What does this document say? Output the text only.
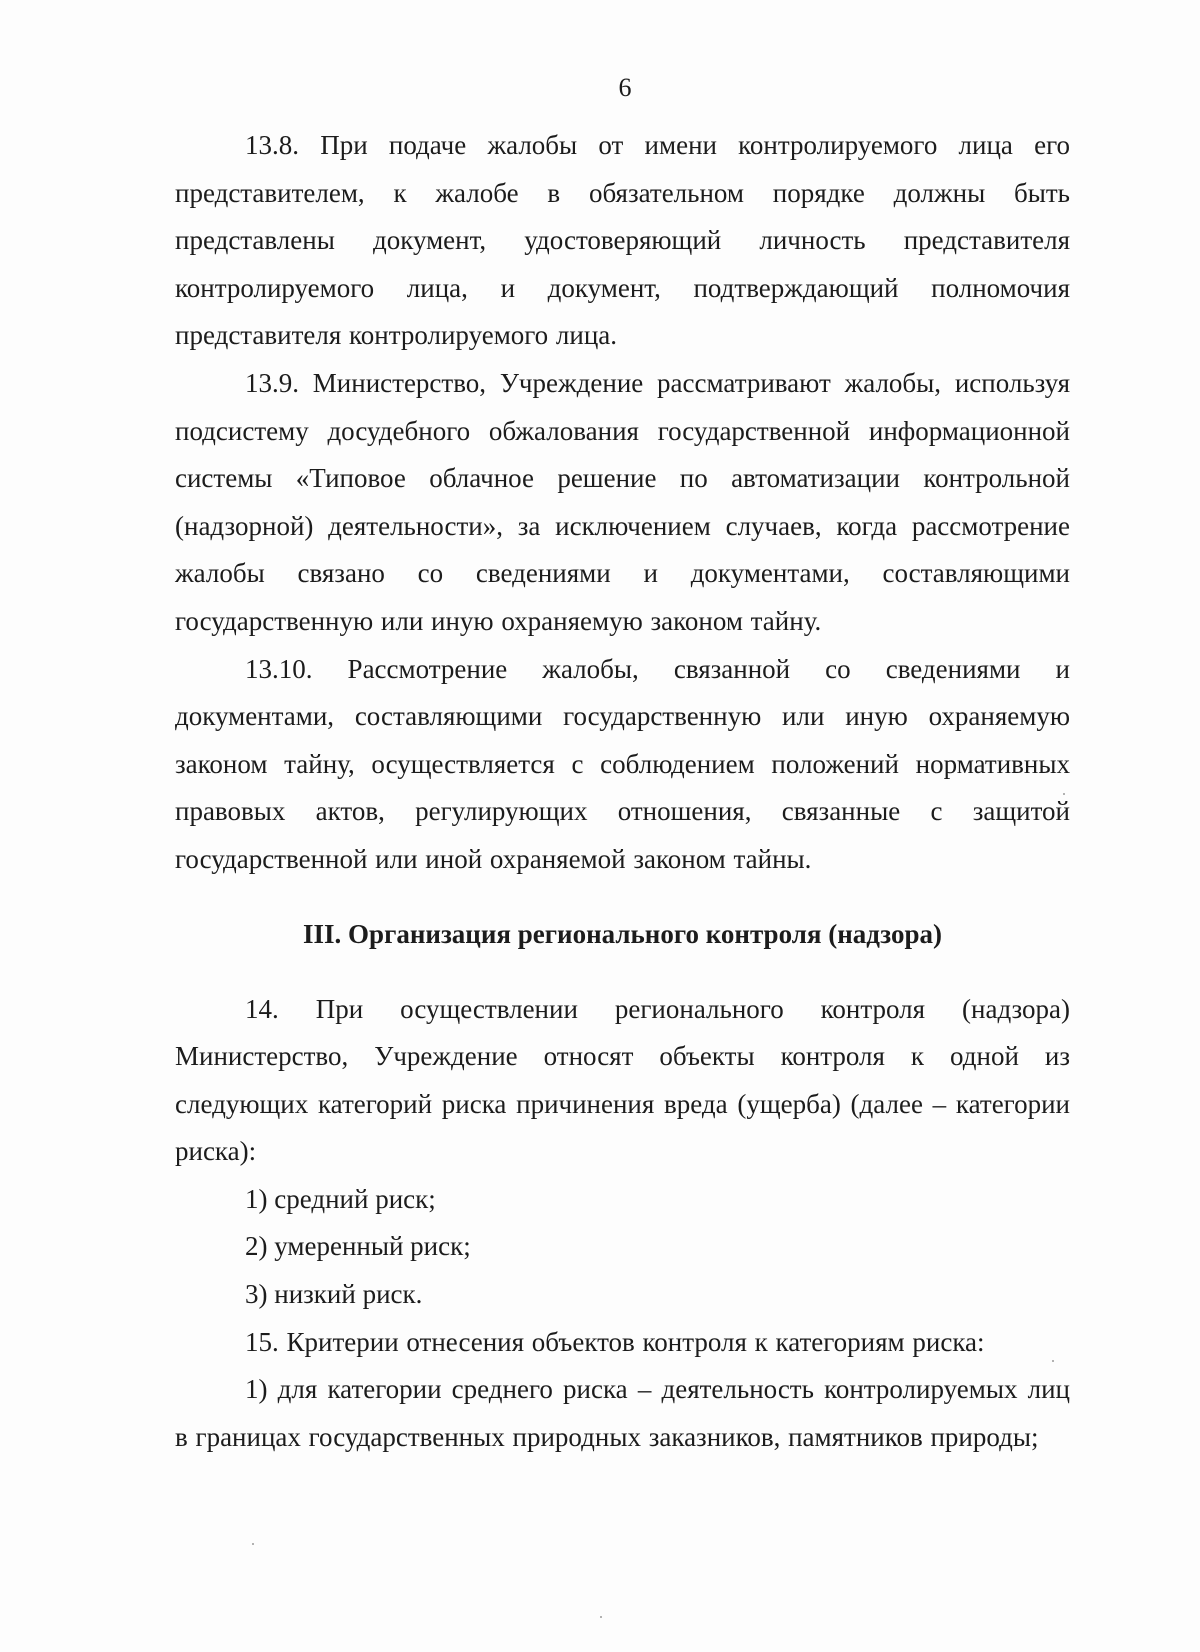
6

13.8. При подаче жалобы от имени контролируемого лица его представителем, к жалобе в обязательном порядке должны быть представлены документ, удостоверяющий личность представителя контролируемого лица, и документ, подтверждающий полномочия представителя контролируемого лица.

13.9. Министерство, Учреждение рассматривают жалобы, используя подсистему досудебного обжалования государственной информационной системы «Типовое облачное решение по автоматизации контрольной (надзорной) деятельности», за исключением случаев, когда рассмотрение жалобы связано со сведениями и документами, составляющими государственную или иную охраняемую законом тайну.

13.10. Рассмотрение жалобы, связанной со сведениями и документами, составляющими государственную или иную охраняемую законом тайну, осуществляется с соблюдением положений нормативных правовых актов, регулирующих отношения, связанные с защитой государственной или иной охраняемой законом тайны.

III. Организация регионального контроля (надзора)

14. При осуществлении регионального контроля (надзора) Министерство, Учреждение относят объекты контроля к одной из следующих категорий риска причинения вреда (ущерба) (далее – категории риска):

1) средний риск;

2) умеренный риск;

3) низкий риск.

15. Критерии отнесения объектов контроля к категориям риска:

1) для категории среднего риска – деятельность контролируемых лиц в границах государственных природных заказников, памятников природы;
